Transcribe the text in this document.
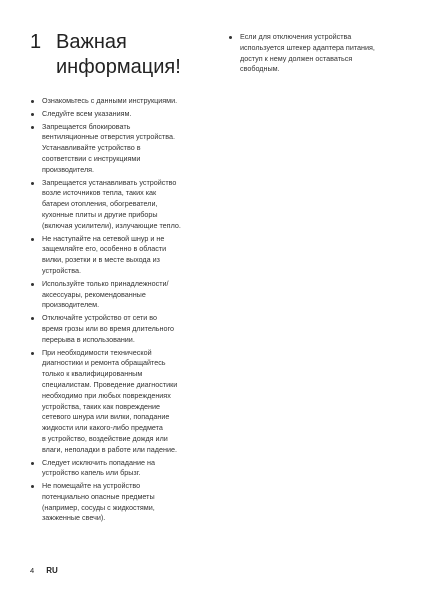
1 Важная
информация!
Ознакомьтесь с данными инструкциями.
Следуйте всем указаниям.
Запрещается блокировать
вентиляционные отверстия устройства.
Устанавливайте устройство в
соответствии с инструкциями
производителя.
Запрещается устанавливать устройство
возле источников тепла, таких как
батареи отопления, обогреватели,
кухонные плиты и другие приборы
(включая усилители), излучающие тепло.
Не наступайте на сетевой шнур и не
защемляйте его, особенно в области
вилки, розетки и в месте выхода из
устройства.
Используйте только принадлежности/
аксессуары, рекомендованные
производителем.
Отключайте устройство от сети во
время грозы или во время длительного
перерыва в использовании.
При необходимости технической
диагностики и ремонта обращайтесь
только к квалифицированным
специалистам. Проведение диагностики
необходимо при любых повреждениях
устройства, таких как повреждение
сетевого шнура или вилки, попадание
жидкости или какого-либо предмета
в устройство, воздействие дождя или
влаги, неполадки в работе или падение.
Следует исключить попадание на
устройство капель или брызг.
Не помещайте на устройство
потенциально опасные предметы
(например, сосуды с жидкостями,
зажженные свечи).
Если для отключения устройства
используется штекер адаптера питания,
доступ к нему должен оставаться
свободным.
4 RU
